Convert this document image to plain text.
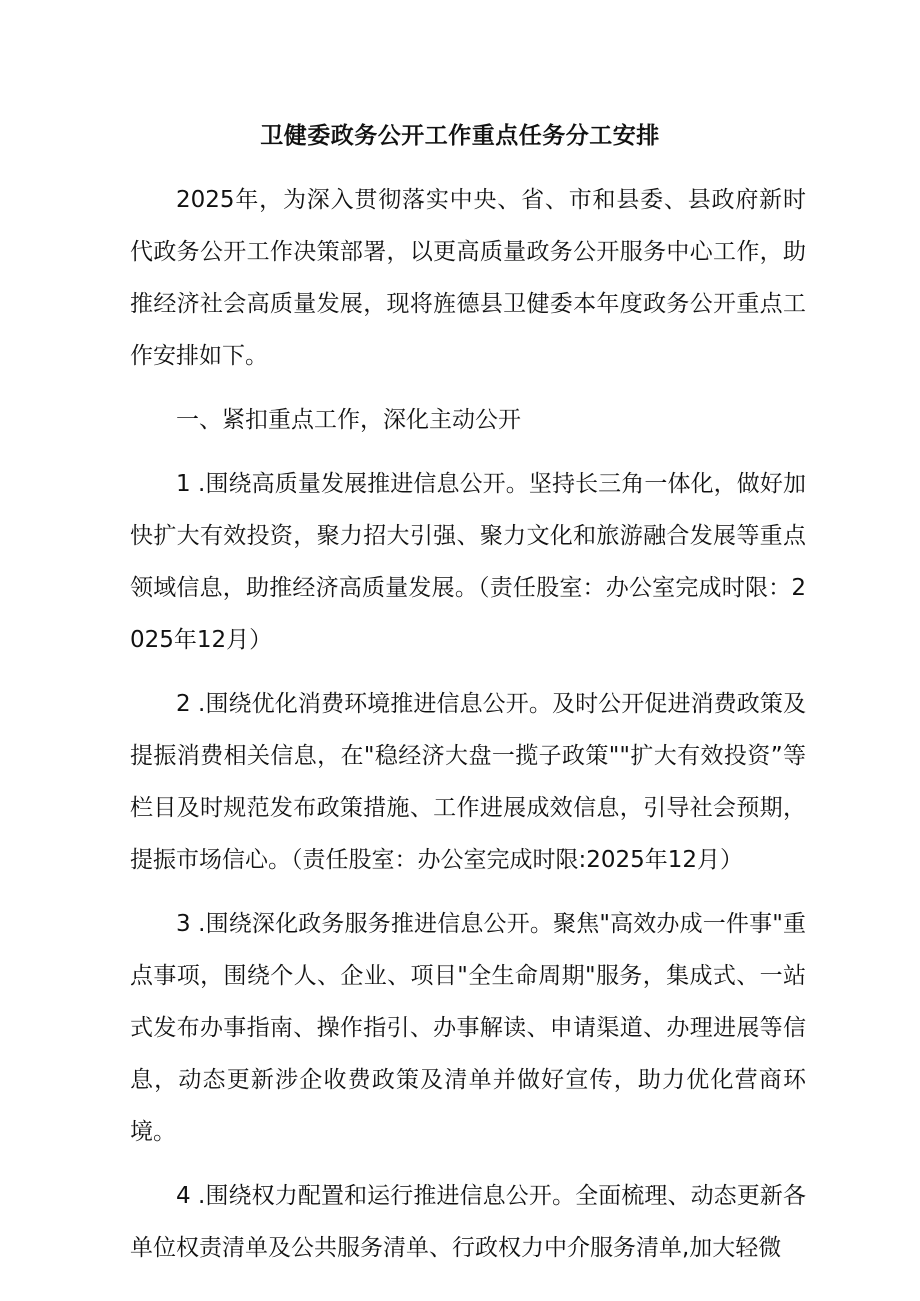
卫健委政务公开工作重点任务分工安排

2025年，为深入贯彻落实中央、省、市和县委、县政府新时代政务公开工作决策部署，以更高质量政务公开服务中心工作，助推经济社会高质量发展，现将旌德县卫健委本年度政务公开重点工作安排如下。

一、紧扣重点工作，深化主动公开

1 .围绕高质量发展推进信息公开。坚持长三角一体化，做好加快扩大有效投资，聚力招大引强、聚力文化和旅游融合发展等重点领域信息，助推经济高质量发展。（责任股室：办公室完成时限：2025年12月）

2 .围绕优化消费环境推进信息公开。及时公开促进消费政策及提振消费相关信息，在"稳经济大盘一揽子政策""扩大有效投资”等栏目及时规范发布政策措施、工作进展成效信息，引导社会预期，提振市场信心。（责任股室：办公室完成时限:2025年12月）

3 .围绕深化政务服务推进信息公开。聚焦"高效办成一件事"重点事项，围绕个人、企业、项目"全生命周期"服务，集成式、一站式发布办事指南、操作指引、办事解读、申请渠道、办理进展等信息，动态更新涉企收费政策及清单并做好宣传，助力优化营商环境。

4 .围绕权力配置和运行推进信息公开。全面梳理、动态更新各单位权责清单及公共服务清单、行政权力中介服务清单,加大轻微
